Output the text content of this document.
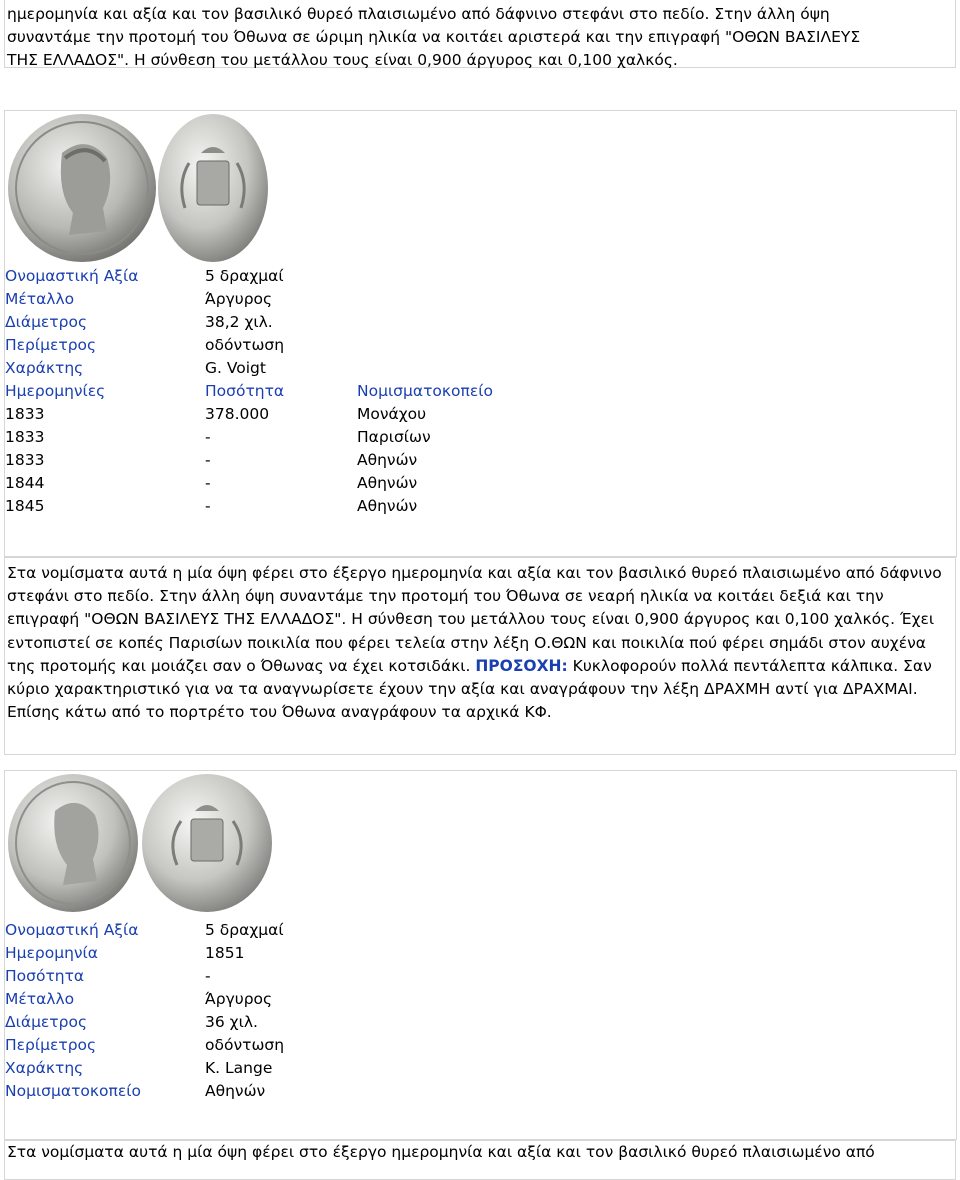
ημερομηνία και αξία και τον βασιλικό θυρεό πλαισιωμένο από δάφνινο στεφάνι στο πεδίο. Στην άλλη όψη
συναντάμε την προτομή του Όθωνα σε ώριμη ηλικία να κοιτάει αριστερά και την επιγραφή "ΟΘΩΝ ΒΑΣΙΛΕΥΣ
ΤΗΣ ΕΛΛΑΔΟΣ". Η σύνθεση του μετάλλου τους είναι 0,900 άργυρος και 0,100 χαλκός.
Ονομαστική Αξία	5 δραχμαί
Μέταλλο	Άργυρος
Διάμετρος	38,2 χιλ.
Περίμετρος	οδόντωση
Χαράκτης	G. Voigt
Ημερομηνίες	Ποσότητα	Νομισματοκοπείο
1833	378.000	Μονάχου
1833	-	Παρισίων
1833	-	Αθηνών
1844	-	Αθηνών
1845	-	Αθηνών
Στα νομίσματα αυτά η μία όψη φέρει στο έξεργο ημερομηνία και αξία και τον βασιλικό θυρεό πλαισιωμένο από δάφνινο στεφάνι στο πεδίο. Στην άλλη όψη συναντάμε την προτομή του Όθωνα σε νεαρή ηλικία να κοιτάει δεξιά και την επιγραφή "ΟΘΩΝ ΒΑΣΙΛΕΥΣ ΤΗΣ ΕΛΛΑΔΟΣ". Η σύνθεση του μετάλλου τους είναι 0,900 άργυρος και 0,100 χαλκός. Έχει εντοπιστεί σε κοπές Παρισίων ποικιλία που φέρει τελεία στην λέξη Ο.ΘΩΝ και ποικιλία πού φέρει σημάδι στον αυχένα της προτομής και μοιάζει σαν ο Όθωνας να έχει κοτσιδάκι. ΠΡΟΣΟΧΗ: Κυκλοφορούν πολλά πεντάλεπτα κάλπικα. Σαν κύριο χαρακτηριστικό για να τα αναγνωρίσετε έχουν την αξία και αναγράφουν την λέξη ΔΡΑΧΜΗ αντί για ΔΡΑΧΜΑΙ. Επίσης κάτω από το πορτρέτο του Όθωνα αναγράφουν τα αρχικά ΚΦ.
Ονομαστική Αξία	5 δραχμαί
Ημερομηνία	1851
Ποσότητα	-
Μέταλλο	Άργυρος
Διάμετρος	36 χιλ.
Περίμετρος	οδόντωση
Χαράκτης	K. Lange
Νομισματοκοπείο	Αθηνών
Στα νομίσματα αυτά η μία όψη φέρει στο έξεργο ημερομηνία και αξία και τον βασιλικό θυρεό πλαισιωμένο από
